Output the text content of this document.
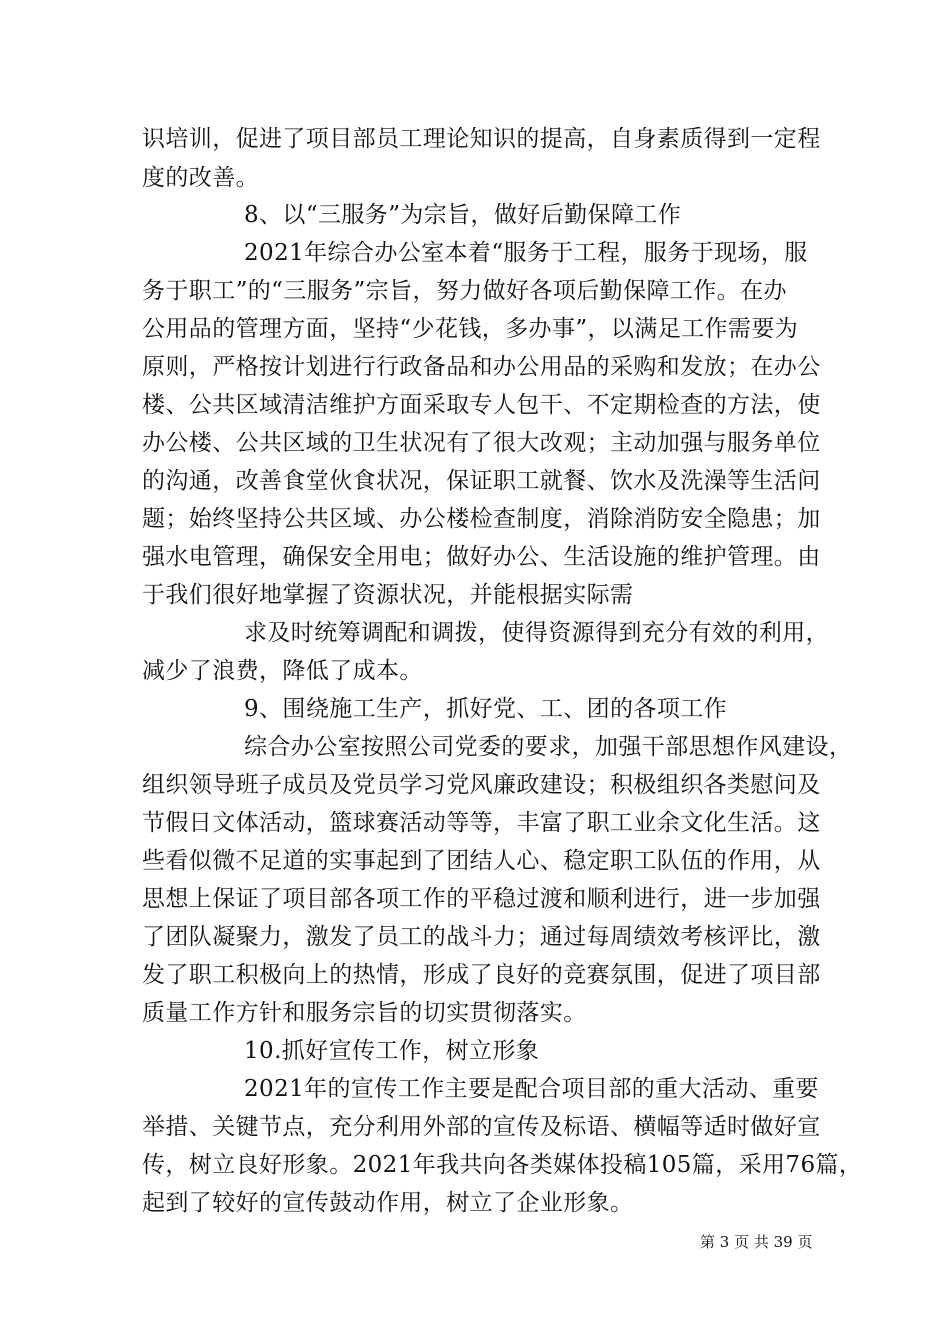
识培训，促进了项目部员工理论知识的提高，自身素质得到一定程
度的改善。
8、以“三服务”为宗旨，做好后勤保障工作
2021年综合办公室本着“服务于工程，服务于现场，服
务于职工”的“三服务”宗旨，努力做好各项后勤保障工作。在办
公用品的管理方面，坚持“少花钱，多办事”，以满足工作需要为
原则，严格按计划进行行政备品和办公用品的采购和发放；在办公
楼、公共区域清洁维护方面采取专人包干、不定期检查的方法，使
办公楼、公共区域的卫生状况有了很大改观；主动加强与服务单位
的沟通，改善食堂伙食状况，保证职工就餐、饮水及洗澡等生活问
题；始终坚持公共区域、办公楼检查制度，消除消防安全隐患；加
强水电管理，确保安全用电；做好办公、生活设施的维护管理。由
于我们很好地掌握了资源状况，并能根据实际需
求及时统筹调配和调拨，使得资源得到充分有效的利用，
减少了浪费，降低了成本。
9、围绕施工生产，抓好党、工、团的各项工作
综合办公室按照公司党委的要求，加强干部思想作风建设，
组织领导班子成员及党员学习党风廉政建设；积极组织各类慰问及
节假日文体活动，篮球赛活动等等，丰富了职工业余文化生活。这
些看似微不足道的实事起到了团结人心、稳定职工队伍的作用，从
思想上保证了项目部各项工作的平稳过渡和顺利进行，进一步加强
了团队凝聚力，激发了员工的战斗力；通过每周绩效考核评比，激
发了职工积极向上的热情，形成了良好的竞赛氛围，促进了项目部
质量工作方针和服务宗旨的切实贯彻落实。
10.抓好宣传工作，树立形象
2021年的宣传工作主要是配合项目部的重大活动、重要
举措、关键节点，充分利用外部的宣传及标语、横幅等适时做好宣
传，树立良好形象。2021年我共向各类媒体投稿105篇，采用76篇，
起到了较好的宣传鼓动作用，树立了企业形象。
第 3 页 共 39 页
